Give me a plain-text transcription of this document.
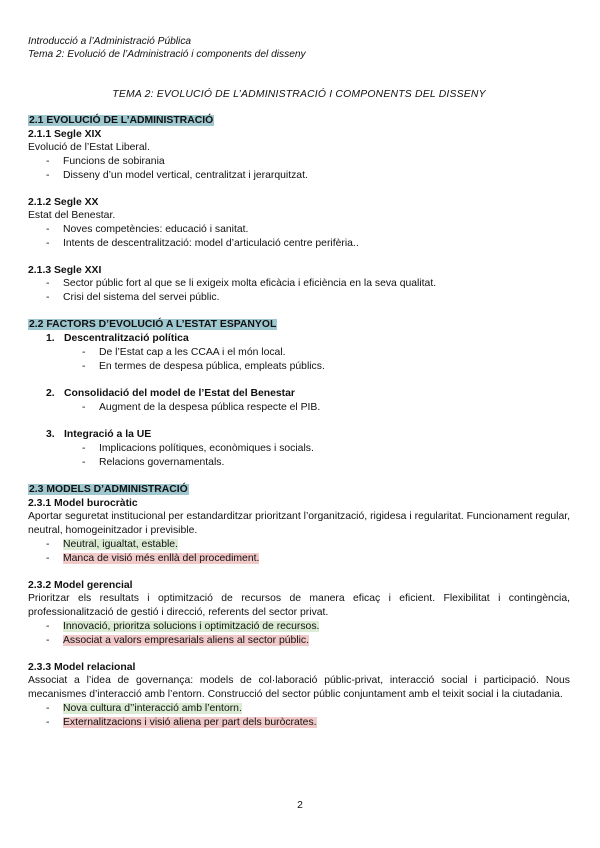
Introducció a l’Administració Pública
Tema 2: Evolució de l’Administració i components del disseny
TEMA 2: EVOLUCIÓ DE L’ADMINISTRACIÓ I COMPONENTS DEL DISSENY

2.1 EVOLUCIÓ DE L’ADMINISTRACIÓ

2.1.1 Segle XIX

Evolució de l’Estat Liberal.

- Funcions de sobirania
- Disseny d’un model vertical, centralitzat i jerarquitzat.

2.1.2 Segle XX

Estat del Benestar.

- Noves competències: educació i sanitat.
- Intents de descentralització: model d’articulació centre perifèria..

2.1.3 Segle XXI

- Sector públic fort al que se li exigeix molta eficàcia i eficiència en la seva qualitat.
- Crisi del sistema del servei públic.

2.2 FACTORS D’EVOLUCIÓ A L’ESTAT ESPANYOL

1. Descentralització política
- De l’Estat cap a les CCAA i el món local.
- En termes de despesa pública, empleats públics.
2. Consolidació del model de l’Estat del Benestar
- Augment de la despesa pública respecte el PIB.
3. Integració a la UE
- Implicacions polítiques, econòmiques i socials.
- Relacions governamentals.

2.3 MODELS D’ADMINISTRACIÓ

2.3.1 Model burocràtic

Aportar seguretat institucional per estandarditzar prioritzant l’organització, rigidesa i regularitat. Funcionament regular, neutral, homogeinitzador i previsible.

- Neutral, igualtat, estable.
- Manca de visió més enllà del procediment.

2.3.2 Model gerencial

Prioritzar els resultats i optimització de recursos de manera eficaç i eficient. Flexibilitat i contingència, professionalització de gestió i direcció, referents del sector privat.

- Innovació, prioritza solucions i optimització de recursos.
- Associat a valors empresarials aliens al sector públic.

2.3.3 Model relacional

Associat a l’idea de governança: models de col·laboració públic-privat, interacció social i participació. Nous mecanismes d’interacció amb l’entorn. Construcció del sector públic conjuntament amb el teixit social i la ciutadania.

- Nova cultura d’’interacció amb l’entorn.
- Externalitzacions i visió aliena per part dels buròcrates.
2
